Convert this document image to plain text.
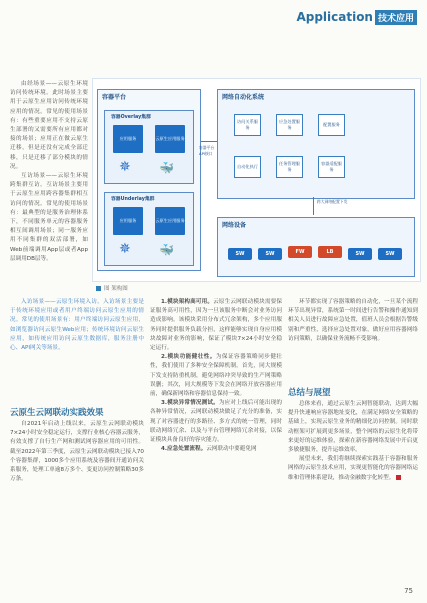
Application 技术应用

由经场景——云原生环境访问传统环境。此时场景主要用于云原生应用访问传统环境应用的情况。常见的使用场景有：有些重要应用不支持云原生部署的又需要所有应用都对接的场景；应用正在做云原生迁移，但是还没有完成全部迁移，只是迁移了部分模块的情况。

互访场景——云原生环境跨集群互访。互访场景主要用于云原生应用跨容器集群相互访问的情况。常见的使用场景有：最典型的是服务治理体系下，不同服务单元的容器服务相互间调用场景；同一服务应用不同集群的双活部署，如Web前端调用App层或者App层调用DB层等。

容器平台
容器Overlay集群
应用服务	云原生应用服务
✵ 🐳
容器Underlay集群
应用服务	云原生应用服务
✵ 🐳
容器平台API接口
网络自动化系统
访问关系服务
应急处置服务
配置服务
自动化执行
任务管理服务
容器适配服务
跨大网络配置下发
网络设备
SW	SW	FW	LB	SW	SW
图 架构图

入访场景——云原生环境入访。入访场景主要是于传统环境应用或者用户终端访问云原生应用的情况。常见的使用场景有：用户终端访问云原生应用，如浏览器访问云原生Web应用；传统环境访问云原生应用，如传统应用访问云原生数据库，服务注册中心、API网关等场景。

云原生云网联动实践效果

自2021年启动上线以来，云原生云网联动模块7×24小时安全稳定运行，支撑行业核心容器云服务，有效支撑了自行生产网和测试网容器应用的可用性。截至2022年第三季度，云原生云网联动模块已接入70个容器集群，1000多个应用系统及容器间开通访问关系服务，处理工单逾8万多个、变更访问控制策略30多万条。

1.模块架构高可用。云原生云网联动模块需要保证服务高可用性，因为一旦该服务中断会对业务访问造成影响。该模块采用分布式冗余架构，多个应用服务同时提供服务负载分担，这样能够实现自身应用模块故障对业务的影响，保证了模块7×24小时安全稳定运行。

2.模块功能健壮性。为保证容器策略同步健壮性，我们使用了多种安全保障机制。首先，同大规模下发支持防重机制，避免网络冲突导致的生产网策略误删；其次，同大规模等下发会在网络开放容器应用前，确保新网络和容器信息保持一致。

3.模块异常情况测试。为应对上线后可能出现的各种异常情况，云网联动模块做足了充分的准备，实现了对容器进行的多路径、多方式的统一管理，同时联动网络冗余、以及与平台管理网络冗余对接，以保证模块具备良好的容灾能力。

4.应急处置流程。云网联动中要避免网

环节都实现了容器策略的自动化，一旦某个流程环节出现异常，系统第一时间进行告警和操作通知到相关人员进行故障应急处置，值班人员会根据告警级别和严重性，选择应急处置对象，做好应用容器网络访问策略，以确保业务流畅不受影响。

总结与展望

总体来看，通过云原生云网智能联动，达到大幅提升快速响应容器地址变化，在满足网络安全策略的基础上，实现云原生业务的精细化访问控制。同时联动框架可扩展到更多场景，整个网络的云原生化将带来更好的运维体验，探索在新容器网络发展中开启更多敏捷服务，提升运维效率。

展望未来，我们将继续探索实践基于容器和服务网格的云原生技术应用，实现更智能化的容器网络运维和管理体系建设，推动金融数字化转型。

75
